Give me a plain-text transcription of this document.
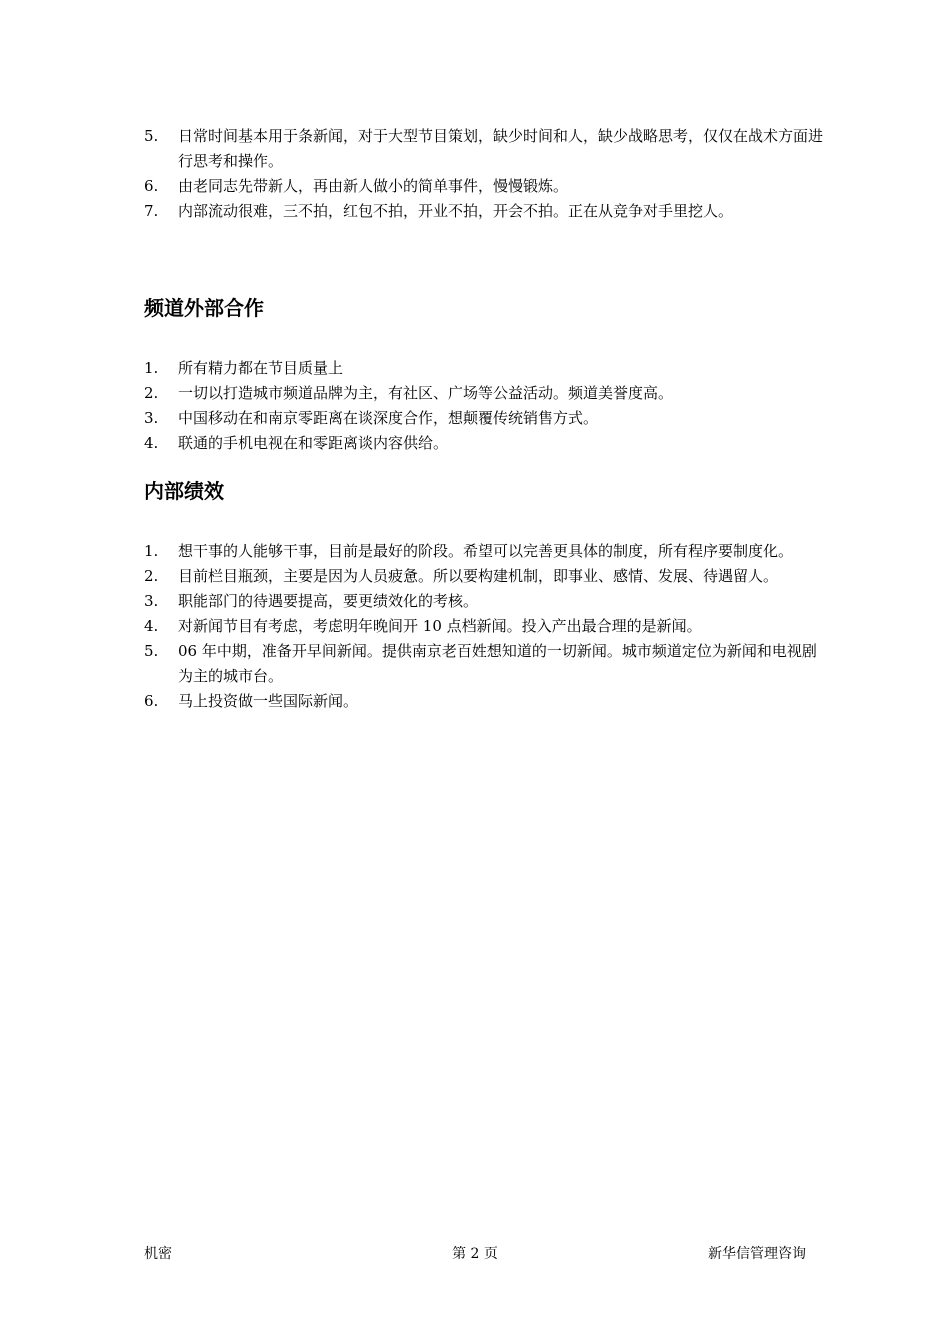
5.	日常时间基本用于条新闻，对于大型节目策划，缺少时间和人，缺少战略思考，仅仅在战术方面进行思考和操作。
6.	由老同志先带新人，再由新人做小的简单事件，慢慢锻炼。
7.	内部流动很难，三不拍，红包不拍，开业不拍，开会不拍。正在从竞争对手里挖人。
频道外部合作
1.	所有精力都在节目质量上
2.	一切以打造城市频道品牌为主，有社区、广场等公益活动。频道美誉度高。
3.	中国移动在和南京零距离在谈深度合作，想颠覆传统销售方式。
4.	联通的手机电视在和零距离谈内容供给。
内部绩效
1.	想干事的人能够干事，目前是最好的阶段。希望可以完善更具体的制度，所有程序要制度化。
2.	目前栏目瓶颈，主要是因为人员疲惫。所以要构建机制，即事业、感情、发展、待遇留人。
3.	职能部门的待遇要提高，要更绩效化的考核。
4.	对新闻节目有考虑，考虑明年晚间开 10 点档新闻。投入产出最合理的是新闻。
5.	06 年中期，准备开早间新闻。提供南京老百姓想知道的一切新闻。城市频道定位为新闻和电视剧为主的城市台。
6.	马上投资做一些国际新闻。
机密	第 2 页	新华信管理咨询
